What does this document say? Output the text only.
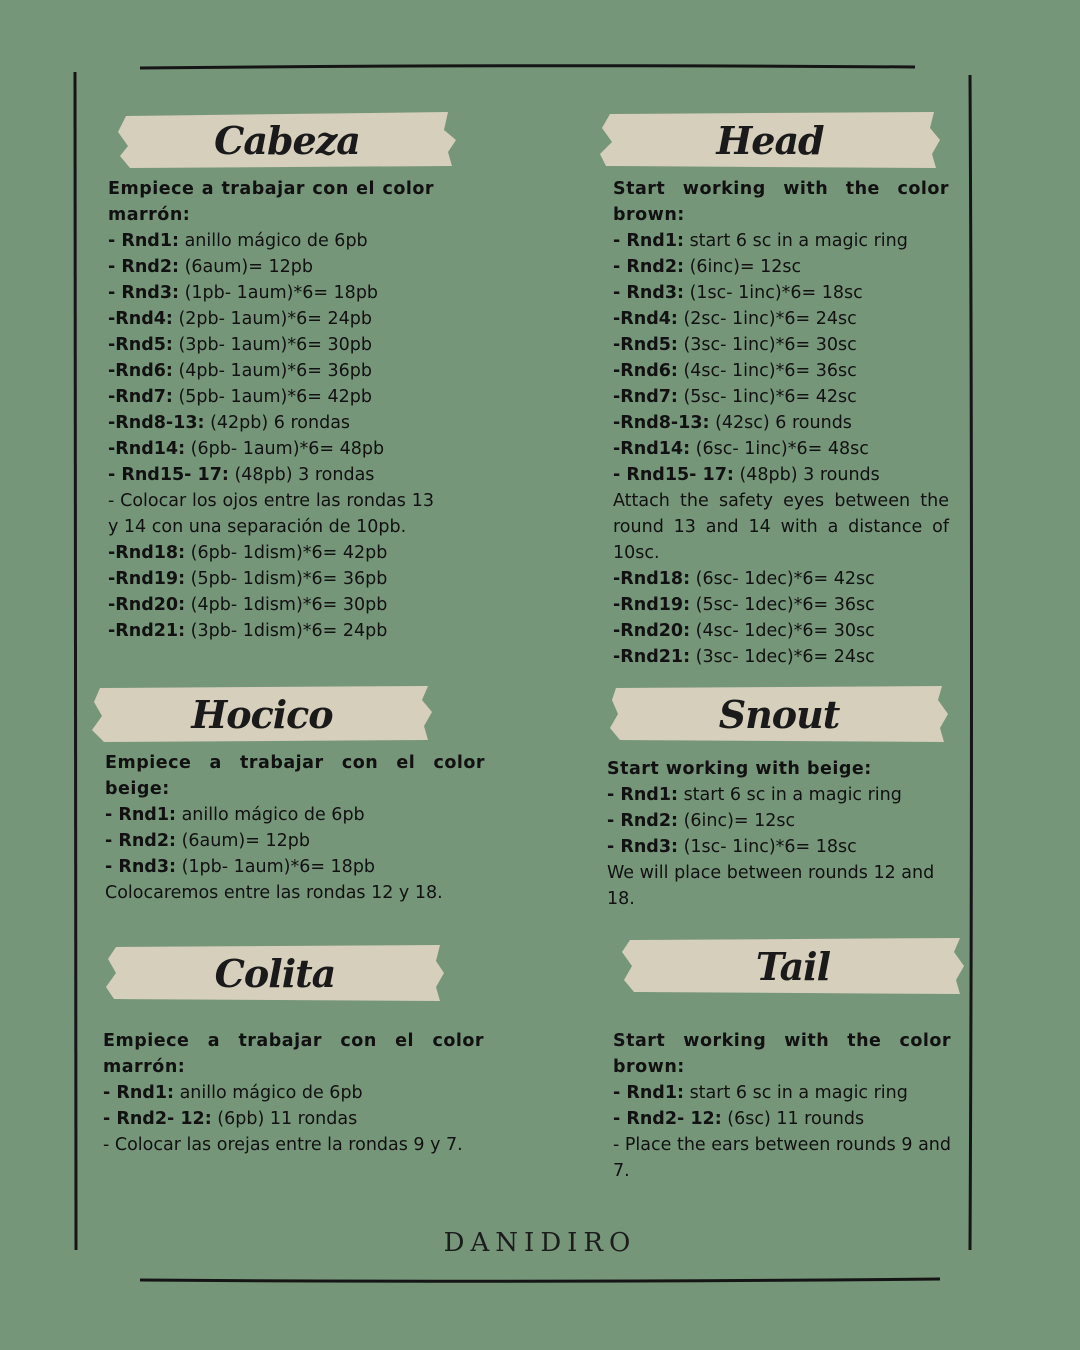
Cabeza

Empiece a trabajar con el color marrón:

- Rnd1: anillo mágico de 6pb

- Rnd2: (6aum)= 12pb

- Rnd3: (1pb- 1aum)*6= 18pb

-Rnd4: (2pb- 1aum)*6= 24pb

-Rnd5: (3pb- 1aum)*6= 30pb

-Rnd6: (4pb- 1aum)*6= 36pb

-Rnd7: (5pb- 1aum)*6= 42pb

-Rnd8-13: (42pb) 6 rondas

-Rnd14: (6pb- 1aum)*6= 48pb

- Rnd15- 17: (48pb) 3 rondas

- Colocar los ojos entre las rondas 13 y 14 con una separación de 10pb.

-Rnd18: (6pb- 1dism)*6= 42pb

-Rnd19: (5pb- 1dism)*6= 36pb

-Rnd20: (4pb- 1dism)*6= 30pb

-Rnd21: (3pb- 1dism)*6= 24pb

Head

Start working with the color brown:

- Rnd1: start 6 sc in a magic ring

- Rnd2: (6inc)= 12sc

- Rnd3: (1sc- 1inc)*6= 18sc

-Rnd4: (2sc- 1inc)*6= 24sc

-Rnd5: (3sc- 1inc)*6= 30sc

-Rnd6: (4sc- 1inc)*6= 36sc

-Rnd7: (5sc- 1inc)*6= 42sc

-Rnd8-13: (42sc) 6 rounds

-Rnd14: (6sc- 1inc)*6= 48sc

- Rnd15- 17: (48pb) 3 rounds

Attach the safety eyes between the round 13 and 14 with a distance of 10sc.

-Rnd18: (6sc- 1dec)*6= 42sc

-Rnd19: (5sc- 1dec)*6= 36sc

-Rnd20: (4sc- 1dec)*6= 30sc

-Rnd21: (3sc- 1dec)*6= 24sc

Hocico

Empiece a trabajar con el color beige:

- Rnd1: anillo mágico de 6pb

- Rnd2: (6aum)= 12pb

- Rnd3: (1pb- 1aum)*6= 18pb

Colocaremos entre las rondas 12 y 18.

Snout

Start working with beige:

- Rnd1: start 6 sc in a magic ring

- Rnd2: (6inc)= 12sc

- Rnd3: (1sc- 1inc)*6= 18sc

We will place between rounds 12 and 18.

Colita

Empiece a trabajar con el color marrón:

- Rnd1: anillo mágico de 6pb

- Rnd2- 12: (6pb) 11 rondas

- Colocar las orejas entre la rondas 9 y 7.

Tail

Start working with the color brown:

- Rnd1: start 6 sc in a magic ring

- Rnd2- 12: (6sc) 11 rounds

- Place the ears between rounds 9 and 7.

DANIDIRO
